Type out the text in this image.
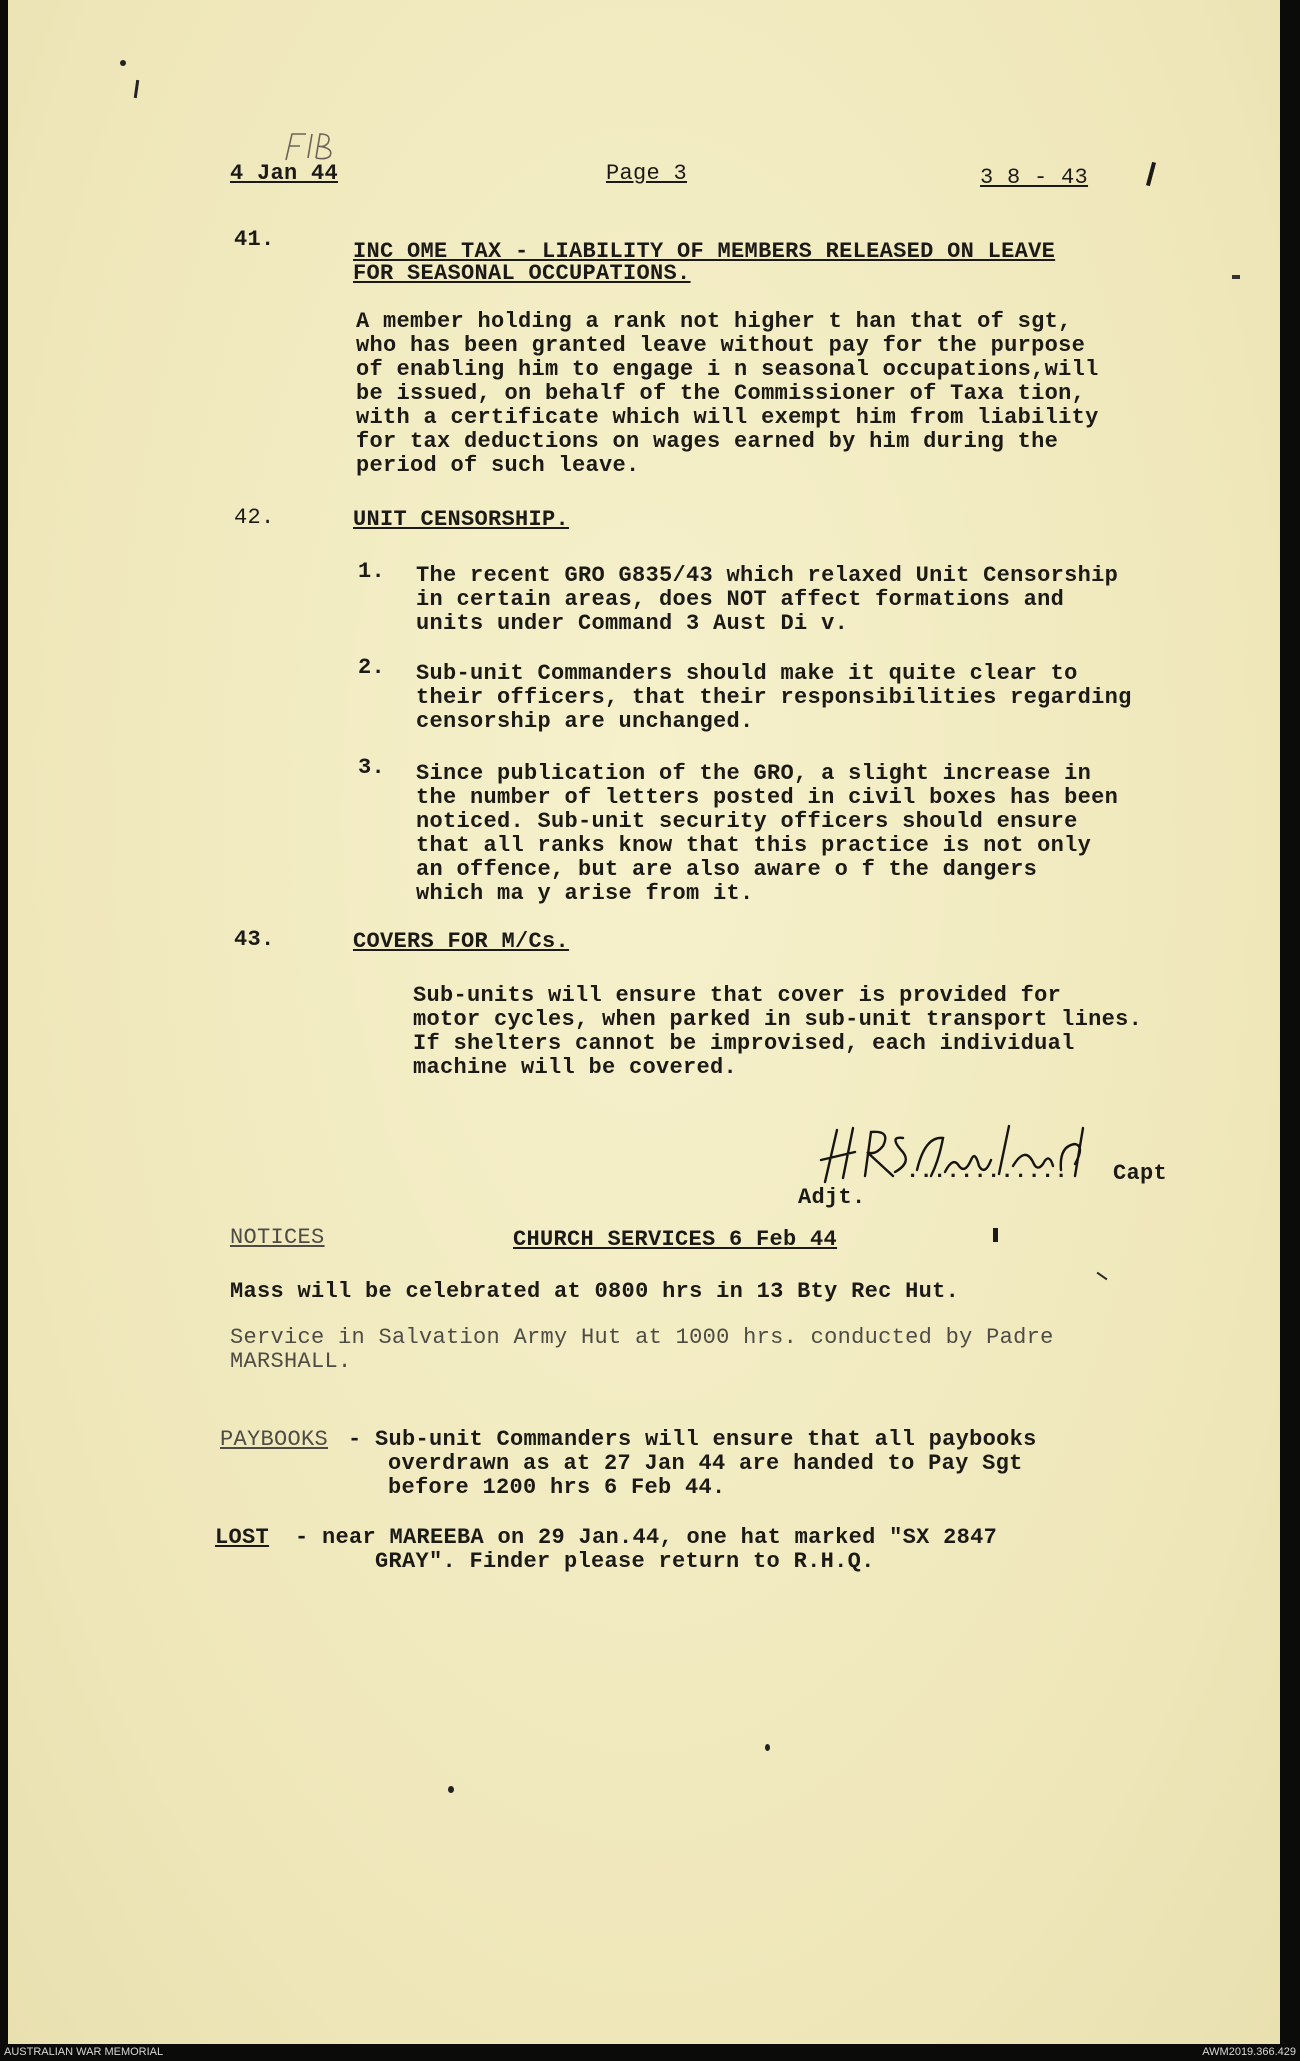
4 Jan 44	Page 3	3 8 - 43
41.	INC OME TAX - LIABILITY OF MEMBERS RELEASED ON LEAVE
FOR SEASONAL OCCUPATIONS.
A member holding a rank not higher t han that of sgt,
who has been granted leave without pay for the purpose
of enabling him to engage i n seasonal occupations,will
be issued, on behalf of the Commissioner of Taxa tion,
with a certificate which will exempt him from liability
for tax deductions on wages earned by him during the
period of such leave.
42.	UNIT CENSORSHIP.
1. The recent GRO G835/43 which relaxed Unit Censorship
in certain areas, does NOT affect formations and
units under Command 3 Aust Di v.
2. Sub-unit Commanders should make it quite clear to
their officers, that their responsibilities regarding
censorship are unchanged.
3. Since publication of the GRO, a slight increase in
the number of letters posted in civil boxes has been
noticed. Sub-unit security officers should ensure
that all ranks know that this practice is not only
an offence, but are also aware o f the dangers
which ma y arise from it.
43.	COVERS FOR M/Cs.
Sub-units will ensure that cover is provided for
motor cycles, when parked in sub-unit transport lines.
If shelters cannot be improvised, each individual
machine will be covered.
............ Capt
Adjt.
NOTICES	CHURCH SERVICES 6 Feb 44
Mass will be celebrated at 0800 hrs in 13 Bty Rec Hut.
Service in Salvation Army Hut at 1000 hrs. conducted by Padre
MARSHALL.
PAYBOOKS - Sub-unit Commanders will ensure that all paybooks
overdrawn as at 27 Jan 44 are handed to Pay Sgt
before 1200 hrs 6 Feb 44.
LOST - near MAREEBA on 29 Jan.44, one hat marked "SX 2847
GRAY". Finder please return to R.H.Q.
AUSTRALIAN WAR MEMORIAL	AWM2019.366.429
